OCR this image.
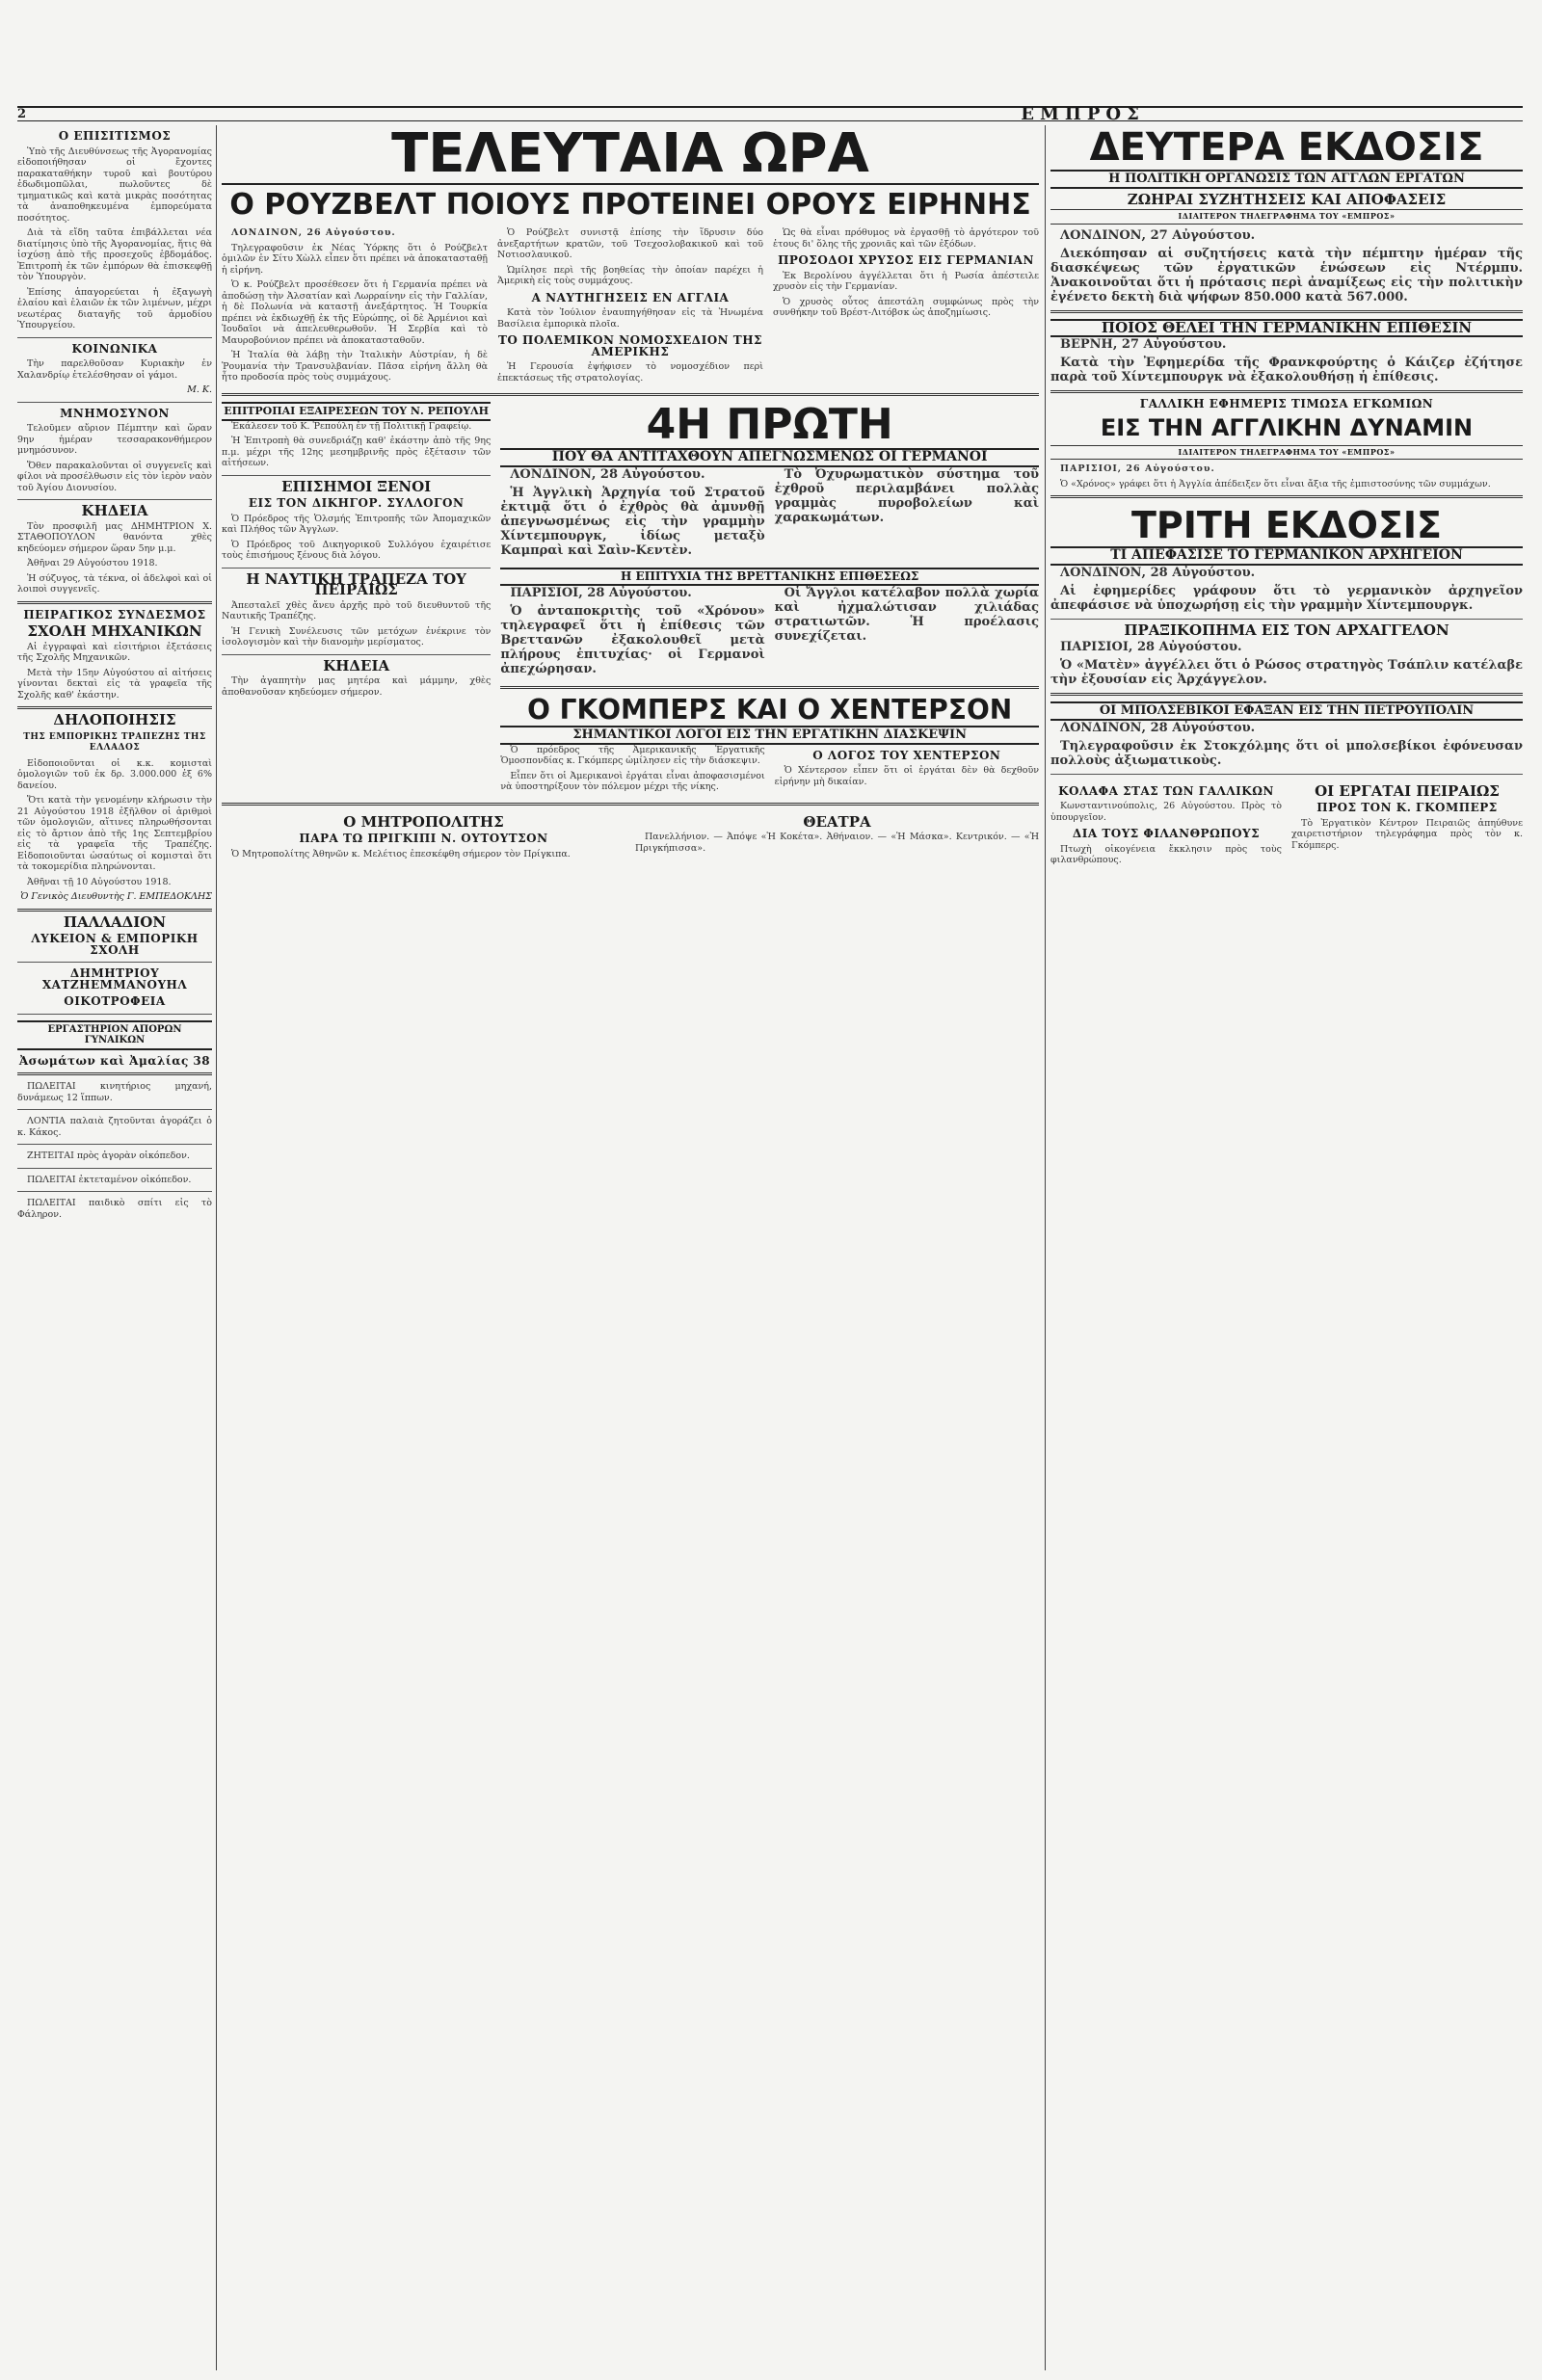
2	ΕΜΠΡΟΣ
Ο ΕΠΙΣΙΤΙΣΜΟΣ

Ὑπὸ τῆς Διευθύνσεως τῆς Ἀγορανομίας εἰδοποιήθησαν οἱ ἔχοντες παρακαταθήκην τυροῦ καὶ βουτύρου ἐδωδιμοπῶλαι, πωλοῦντες δὲ τμηματικῶς καὶ κατὰ μικρὰς ποσότητας τὰ ἀναποθηκευμένα ἐμπορεύματα ποσότητος.

Διὰ τὰ εἴδη ταῦτα ἐπιβάλλεται νέα διατίμησις ὑπὸ τῆς Ἀγορανομίας, ἥτις θὰ ἰσχύσῃ ἀπὸ τῆς προσεχοῦς ἑβδομάδος. Ἐπιτροπὴ ἐκ τῶν ἐμπόρων θὰ ἐπισκεφθῇ τὸν Ὑπουργὸν.

Ἐπίσης ἀπαγορεύεται ἡ ἐξαγωγὴ ἐλαίου καὶ ἐλαιῶν ἐκ τῶν λιμένων, μέχρι νεωτέρας διαταγῆς τοῦ ἁρμοδίου Ὑπουργείου.

ΚΟΙΝΩΝΙΚΑ

Τὴν παρελθοῦσαν Κυριακὴν ἐν Χαλανδρίῳ ἐτελέσθησαν οἱ γάμοι.

Μ. Κ.
ΜΝΗΜΟΣΥΝΟΝ

Τελοῦμεν αὔριον Πέμπτην καὶ ὥραν 9ην ἡμέραν τεσσαρακονθήμερον μνημόσυνον.

Ὅθεν παρακαλοῦνται οἱ συγγενεῖς καὶ φίλοι νὰ προσέλθωσιν εἰς τὸν ἱερὸν ναὸν τοῦ Ἁγίου Διονυσίου.

ΚΗΔΕΙΑ

Τὸν προσφιλῆ μας ΔΗΜΗΤΡΙΟΝ Χ. ΣΤΑΘΟΠΟΥΛΟΝ θανόντα χθὲς κηδεύομεν σήμερον ὥραν 5ην μ.μ.

Ἀθῆναι 29 Αὐγούστου 1918.

Ἡ σύζυγος, τὰ τέκνα, οἱ ἀδελφοὶ καὶ οἱ λοιποὶ συγγενεῖς.

ΠΕΙΡΑΓΙΚΟΣ ΣΥΝΔΕΣΜΟΣ
ΣΧΟΛΗ ΜΗΧΑΝΙΚΩΝ

Αἱ ἐγγραφαὶ καὶ εἰσιτήριοι ἐξετάσεις τῆς Σχολῆς Μηχανικῶν.

Μετὰ τὴν 15ην Αὐγούστου αἱ αἰτήσεις γίνονται δεκταὶ εἰς τὰ γραφεῖα τῆς Σχολῆς καθ' ἑκάστην.

ΔΗΛΟΠΟΙΗΣΙΣ
ΤΗΣ ΕΜΠΟΡΙΚΗΣ ΤΡΑΠΕΖΗΣ ΤΗΣ ΕΛΛΑΔΟΣ

Εἰδοποιοῦνται οἱ κ.κ. κομισταὶ ὁμολογιῶν τοῦ ἐκ δρ. 3.000.000 ἐξ 6% δανείου.

Ὅτι κατὰ τὴν γενομένην κλήρωσιν τὴν 21 Αὐγούστου 1918 ἐξῆλθον οἱ ἀριθμοὶ τῶν ὁμολογιῶν, αἵτινες πληρωθήσονται εἰς τὸ ἄρτιον ἀπὸ τῆς 1ης Σεπτεμβρίου εἰς τὰ γραφεῖα τῆς Τραπέζης. Εἰδοποιοῦνται ὡσαύτως οἱ κομισταὶ ὅτι τὰ τοκομερίδια πληρώνονται.

Ἀθῆναι τῇ 10 Αὐγούστου 1918.

Ὁ Γενικὸς Διευθυντὴς Γ. ΕΜΠΕΔΟΚΛΗΣ
ΠΑΛΛΑΔΙΟΝ
ΛΥΚΕΙΟΝ & ΕΜΠΟΡΙΚΗ ΣΧΟΛΗ
ΔΗΜΗΤΡΙΟΥ ΧΑΤΖΗΕΜΜΑΝΟΥΗΛ
ΟΙΚΟΤΡΟΦΕΙΑ
ΕΡΓΑΣΤΗΡΙΟΝ ΑΠΟΡΩΝ ΓΥΝΑΙΚΩΝ
Ἀσωμάτων καὶ Ἀμαλίας 38

ΠΩΛΕΙΤΑΙ κινητήριος μηχανή, δυνάμεως 12 ἵππων.

ΛΟΝΤΙΑ παλαιὰ ζητοῦνται ἀγοράζει ὁ κ. Κάκος.

ΖΗΤΕΙΤΑΙ πρὸς ἀγορὰν οἰκόπεδον.

ΠΩΛΕΙΤΑΙ ἐκτεταμένον οἰκόπεδον.

ΠΩΛΕΙΤΑΙ παιδικὸ σπίτι εἰς τὸ Φάληρον.

ΤΕΛΕΥΤΑΙΑ ΩΡΑ
Ο ΡΟΥΖΒΕΛΤ ΠΟΙΟΥΣ ΠΡΟΤΕΙΝΕΙ ΟΡΟΥΣ ΕΙΡΗΝΗΣ

ΛΟΝΔΙΝΟΝ, 26 Αὐγούστου.

Τηλεγραφοῦσιν ἐκ Νέας Ὑόρκης ὅτι ὁ Ρούζβελτ ὁμιλῶν ἐν Σίτυ Χὼλλ εἶπεν ὅτι πρέπει νὰ ἀποκατασταθῇ ἡ εἰρήνη.

Ὁ κ. Ρούζβελτ προσέθεσεν ὅτι ἡ Γερμανία πρέπει νὰ ἀποδώσῃ τὴν Ἀλσατίαν καὶ Λωρραίνην εἰς τὴν Γαλλίαν, ἡ δὲ Πολωνία νὰ καταστῇ ἀνεξάρτητος. Ἡ Τουρκία πρέπει νὰ ἐκδιωχθῇ ἐκ τῆς Εὐρώπης, οἱ δὲ Ἀρμένιοι καὶ Ἰουδαῖοι νὰ ἀπελευθερωθοῦν. Ἡ Σερβία καὶ τὸ Μαυροβούνιον πρέπει νὰ ἀποκατασταθοῦν.

Ἡ Ἰταλία θὰ λάβῃ τὴν Ἰταλικὴν Αὐστρίαν, ἡ δὲ Ῥουμανία τὴν Τρανσυλβανίαν. Πᾶσα εἰρήνη ἄλλη θὰ ἦτο προδοσία πρὸς τοὺς συμμάχους.

Ὁ Ρούζβελτ συνιστᾷ ἐπίσης τὴν ἵδρυσιν δύο ἀνεξαρτήτων κρατῶν, τοῦ Τσεχοσλοβακικοῦ καὶ τοῦ Νοτιοσλαυικοῦ.

Ὡμίλησε περὶ τῆς βοηθείας τὴν ὁποίαν παρέχει ἡ Ἀμερικὴ εἰς τοὺς συμμάχους.

Α ΝΑΥΤΗΓΗΣΕΙΣ ΕΝ ΑΓΓΛΙΑ

Κατὰ τὸν Ἰούλιον ἐναυπηγήθησαν εἰς τὰ Ἡνωμένα Βασίλεια ἐμπορικὰ πλοῖα.

ΤΟ ΠΟΛΕΜΙΚΟΝ ΝΟΜΟΣΧΕΔΙΟΝ ΤΗΣ ΑΜΕΡΙΚΗΣ

Ἡ Γερουσία ἐψήφισεν τὸ νομοσχέδιον περὶ ἐπεκτάσεως τῆς στρατολογίας.

Ὡς θὰ εἶναι πρόθυμος νὰ ἐργασθῇ τὸ ἀργότερον τοῦ ἐτους δι' ὅλης τῆς χρονιᾶς καὶ τῶν ἐξόδων.

ΠΡΟΣΟΔΟΙ ΧΡΥΣΟΣ ΕΙΣ ΓΕΡΜΑΝΙΑΝ

Ἐκ Βερολίνου ἀγγέλλεται ὅτι ἡ Ρωσία ἀπέστειλε χρυσὸν εἰς τὴν Γερμανίαν.

Ὁ χρυσὸς οὗτος ἀπεστάλη συμφώνως πρὸς τὴν συνθήκην τοῦ Βρέστ-Λιτόβσκ ὡς ἀποζημίωσις.

ΕΠΙΤΡΟΠΑΙ ΕΞΑΙΡΕΣΕΩΝ ΤΟΥ Ν. ΡΕΠΟΥΛΗ

Ἐκάλεσεν τοῦ Κ. Ῥεπούλη ἐν τῇ Πολιτικῇ Γραφείῳ.

Ἡ Ἐπιτροπὴ θὰ συνεδριάζῃ καθ' ἑκάστην ἀπὸ τῆς 9ης π.μ. μέχρι τῆς 12ης μεσημβρινῆς πρὸς ἐξέτασιν τῶν αἰτήσεων.

ΕΠΙΣΗΜΟΙ ΞΕΝΟΙ
ΕΙΣ ΤΟΝ ΔΙΚΗΓΟΡ. ΣΥΛΛΟΓΟΝ

Ὁ Πρόεδρος τῆς Ὁλσμής Ἐπιτροπῆς τῶν Ἀπομαχικῶν καὶ Πλήθος τῶν Ἁγγλων.

Ὁ Πρόεδρος τοῦ Δικηγορικοῦ Συλλόγου ἐχαιρέτισε τοὺς ἐπισήμους ξένους διὰ λόγου.

Η ΝΑΥΤΙΚΗ ΤΡΑΠΕΖΑ ΤΟΥ ΠΕΙΡΑΙΩΣ

Ἀπεσταλεῖ χθὲς ἄνευ ἀρχῆς πρὸ τοῦ διευθυντοῦ τῆς Ναυτικῆς Τραπέζης.

Ἡ Γενικὴ Συνέλευσις τῶν μετόχων ἐνέκρινε τὸν ἰσολογισμὸν καὶ τὴν διανομὴν μερίσματος.

ΚΗΔΕΙΑ

Τὴν ἀγαπητὴν μας μητέρα καὶ μάμμην, χθὲς ἀποθανοῦσαν κηδεύομεν σήμερον.

4Η ΠΡΩΤΗ
ΠΟΥ ΘΑ ΑΝΤΙΤΑΧΘΟΥΝ ΑΠΕΓΝΩΣΜΕΝΩΣ ΟΙ ΓΕΡΜΑΝΟΙ

ΛΟΝΔΙΝΟΝ, 28 Αὐγούστου.

Ἡ Ἀγγλικὴ Ἀρχηγία τοῦ Στρατοῦ ἐκτιμᾷ ὅτι ὁ ἐχθρὸς θὰ ἀμυνθῇ ἀπεγνωσμένως εἰς τὴν γραμμὴν Χίντεμπουργκ, ἰδίως μεταξὺ Καμπραὶ καὶ Σαὶν-Κεντὲν.

Τὸ Ὀχυρωματικὸν σύστημα τοῦ ἐχθροῦ περιλαμβάνει πολλὰς γραμμὰς πυροβολείων καὶ χαρακωμάτων.

Η ΕΠΙΤΥΧΙΑ ΤΗΣ ΒΡΕΤΤΑΝΙΚΗΣ ΕΠΙΘΕΣΕΩΣ

ΠΑΡΙΣΙΟΙ, 28 Αὐγούστου.

Ὁ ἀνταποκριτὴς τοῦ «Χρόνου» τηλεγραφεῖ ὅτι ἡ ἐπίθεσις τῶν Βρεττανῶν ἐξακολουθεῖ μετὰ πλήρους ἐπιτυχίας· οἱ Γερμανοὶ ἀπεχώρησαν.

Οἱ Ἄγγλοι κατέλαβον πολλὰ χωρία καὶ ἠχμαλώτισαν χιλιάδας στρατιωτῶν. Ἡ προέλασις συνεχίζεται.

Ο ΓΚΟΜΠΕΡΣ ΚΑΙ Ο ΧΕΝΤΕΡΣΟΝ
ΣΗΜΑΝΤΙΚΟΙ ΛΟΓΟΙ ΕΙΣ ΤΗΝ ΕΡΓΑΤΙΚΗΝ ΔΙΑΣΚΕΨΙΝ

Ὁ πρόεδρος τῆς Ἀμερικανικῆς Ἐργατικῆς Ὁμοσπονδίας κ. Γκόμπερς ὡμίλησεν εἰς τὴν διάσκεψιν.

Εἶπεν ὅτι οἱ Ἀμερικανοὶ ἐργάται εἶναι ἀποφασισμένοι νὰ ὑποστηρίξουν τὸν πόλεμον μέχρι τῆς νίκης.

Ο ΛΟΓΟΣ ΤΟΥ ΧΕΝΤΕΡΣΟΝ

Ὁ Χέντερσον εἶπεν ὅτι οἱ ἐργάται δὲν θὰ δεχθοῦν εἰρήνην μὴ δικαίαν.

Ο ΜΗΤΡΟΠΟΛΙΤΗΣ
ΠΑΡΑ ΤΩ ΠΡΙΓΚΙΠΙ Ν. ΟΥΤΟΥΤΣΟΝ

Ὁ Μητροπολίτης Ἀθηνῶν κ. Μελέτιος ἐπεσκέφθη σήμερον τὸν Πρίγκιπα.

ΘΕΑΤΡΑ

Πανελλήνιον. — Ἀπόψε «Ἡ Κοκέτα». Ἀθήναιον. — «Ἡ Μάσκα». Κεντρικόν. — «Ἡ Πριγκήπισσα».

ΔΕΥΤΕΡΑ ΕΚΔΟΣΙΣ
Η ΠΟΛΙΤΙΚΗ ΟΡΓΑΝΩΣΙΣ ΤΩΝ ΑΓΓΛΩΝ ΕΡΓΑΤΩΝ
ΖΩΗΡΑΙ ΣΥΖΗΤΗΣΕΙΣ ΚΑΙ ΑΠΟΦΑΣΕΙΣ
ΙΔΙΑΙΤΕΡΟΝ ΤΗΛΕΓΡΑΦΗΜΑ ΤΟΥ «ΕΜΠΡΟΣ»

ΛΟΝΔΙΝΟΝ, 27 Αὐγούστου.

Διεκόπησαν αἱ συζητήσεις κατὰ τὴν πέμπτην ἡμέραν τῆς διασκέψεως τῶν ἐργατικῶν ἑνώσεων εἰς Ντέρμπυ. Ἀνακοινοῦται ὅτι ἡ πρότασις περὶ ἀναμίξεως εἰς τὴν πολιτικὴν ἐγένετο δεκτὴ διὰ ψήφων 850.000 κατὰ 567.000.

ΠΟΙΟΣ ΘΕΛΕΙ ΤΗΝ ΓΕΡΜΑΝΙΚΗΝ ΕΠΙΘΕΣΙΝ

ΒΕΡΝΗ, 27 Αὐγούστου.

Κατὰ τὴν Ἐφημερίδα τῆς Φρανκφούρτης ὁ Κάιζερ ἐζήτησε παρὰ τοῦ Χίντεμπουργκ νὰ ἐξακολουθήσῃ ἡ ἐπίθεσις.

ΓΑΛΛΙΚΗ ΕΦΗΜΕΡΙΣ ΤΙΜΩΣΑ ΕΓΚΩΜΙΩΝ
ΕΙΣ ΤΗΝ ΑΓΓΛΙΚΗΝ ΔΥΝΑΜΙΝ
ΙΔΙΑΙΤΕΡΟΝ ΤΗΛΕΓΡΑΦΗΜΑ ΤΟΥ «ΕΜΠΡΟΣ»

ΠΑΡΙΣΙΟΙ, 26 Αὐγούστου.

Ὁ «Χρόνος» γράφει ὅτι ἡ Ἀγγλία ἀπέδειξεν ὅτι εἶναι ἄξια τῆς ἐμπιστοσύνης τῶν συμμάχων.

ΤΡΙΤΗ ΕΚΔΟΣΙΣ
ΤΙ ΑΠΕΦΑΣΙΣΕ ΤΟ ΓΕΡΜΑΝΙΚΟΝ ΑΡΧΗΓΕΙΟΝ

ΛΟΝΔΙΝΟΝ, 28 Αὐγούστου.

Αἱ ἐφημερίδες γράφουν ὅτι τὸ γερμανικὸν ἀρχηγεῖον ἀπεφάσισε νὰ ὑποχωρήσῃ εἰς τὴν γραμμὴν Χίντεμπουργκ.

ΠΡΑΞΙΚΟΠΗΜΑ ΕΙΣ ΤΟΝ ΑΡΧΑΓΓΕΛΟΝ

ΠΑΡΙΣΙΟΙ, 28 Αὐγούστου.

Ὁ «Ματὲν» ἀγγέλλει ὅτι ὁ Ρώσος στρατηγὸς Τσάπλιν κατέλαβε τὴν ἐξουσίαν εἰς Ἀρχάγγελον.

ΟΙ ΜΠΟΛΣΕΒΙΚΟΙ ΕΦΑΞΑΝ ΕΙΣ ΤΗΝ ΠΕΤΡΟΥΠΟΛΙΝ

ΛΟΝΔΙΝΟΝ, 28 Αὐγούστου.

Τηλεγραφοῦσιν ἐκ Στοκχόλμης ὅτι οἱ μπολσεβίκοι ἐφόνευσαν πολλοὺς ἀξιωματικοὺς.

ΚΟΛΑΦΑ ΣΤΑΣ ΤΩΝ ΓΑΛΛΙΚΩΝ

Κωνσταντινούπολις, 26 Αὐγούστου. Πρὸς τὸ ὑπουργεῖον.

ΔΙΑ ΤΟΥΣ ΦΙΛΑΝΘΡΩΠΟΥΣ

Πτωχὴ οἰκογένεια ἔκκλησιν πρὸς τοὺς φιλανθρώπους.

ΟΙ ΕΡΓΑΤΑΙ ΠΕΙΡΑΙΩΣ
ΠΡΟΣ ΤΟΝ Κ. ΓΚΟΜΠΕΡΣ

Τὸ Ἐργατικὸν Κέντρον Πειραιῶς ἀπηύθυνε χαιρετιστήριον τηλεγράφημα πρὸς τὸν κ. Γκόμπερς.
